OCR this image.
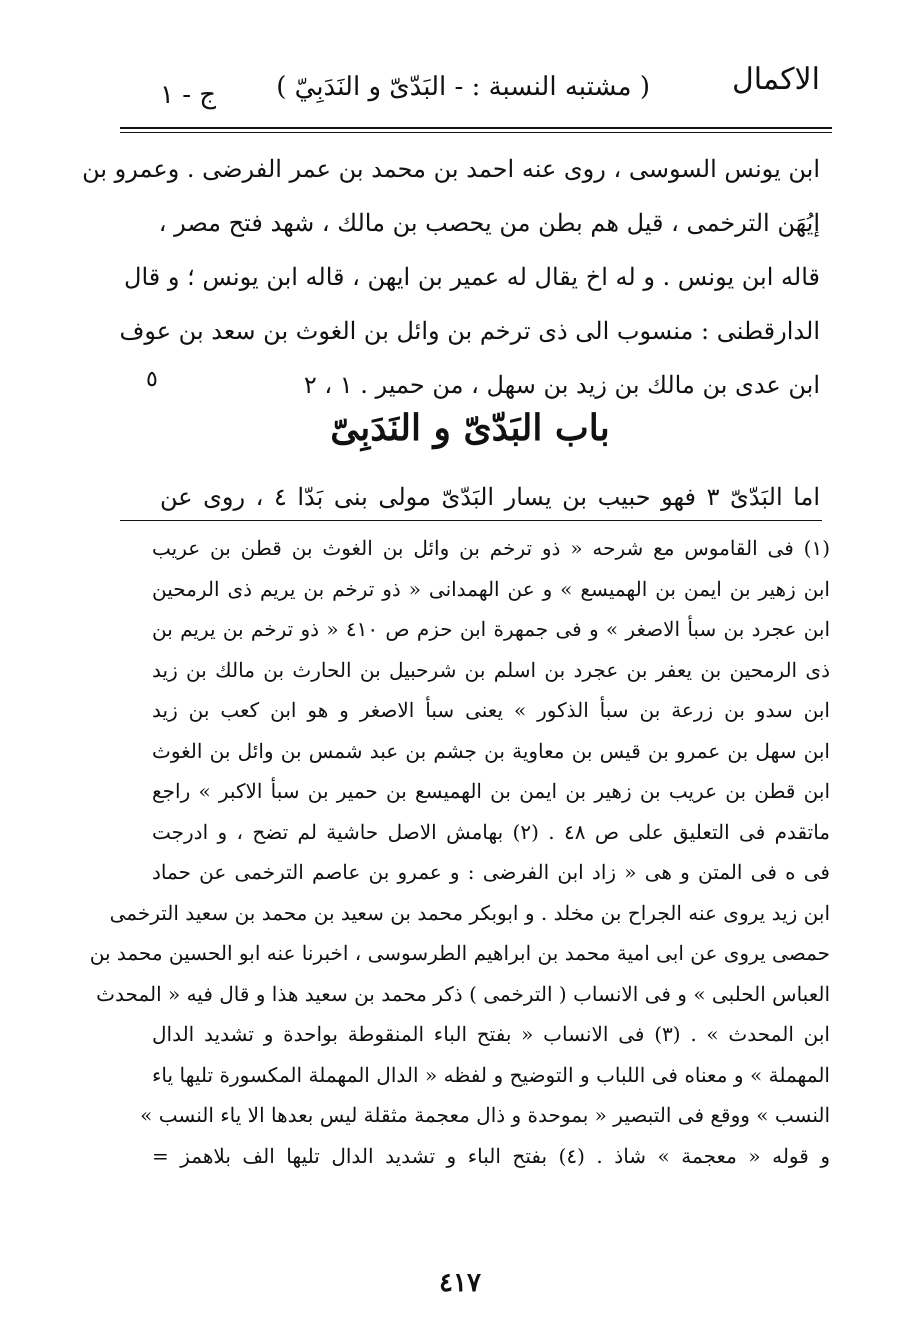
الاكمال
( مشتبه النسبة : - البَدّىّ و النَدَبِيّ )
ج - ١
ابن يونس السوسى ، روى عنه احمد بن محمد بن عمر الفرضى . وعمرو بن
إيُهَن الترخمى ، قيل هم بطن من يحصب بن مالك ، شهد فتح مصر ،
قاله ابن يونس . و له اخ يقال له عمير بن ايهن ، قاله ابن يونس ؛ و قال
الدارقطنى : منسوب الى ذى ترخم بن وائل بن الغوث بن سعد بن عوف
ابن عدى بن مالك بن زيد بن سهل ، من حمير . ١ ، ٢
٥
باب البَدّىّ و النَدَبِىّ
اما البَدّىّ ٣ فهو حبيب بن يسار البَدّىّ مولى بنى بَدّا ٤ ، روى عن
(١) فى القاموس مع شرحه « ذو ترخم بن وائل بن الغوث بن قطن بن عريب
ابن زهير بن ايمن بن الهميسع » و عن الهمدانى « ذو ترخم بن يريم ذى الرمحين
ابن عجرد بن سبأ الاصغر » و فى جمهرة ابن حزم ص ٤١٠ « ذو ترخم بن يريم بن
ذى الرمحين بن يعفر بن عجرد بن اسلم بن شرحبيل بن الحارث بن مالك بن زيد
ابن سدو بن زرعة بن سبأ الذكور » يعنى سبأ الاصغر و هو ابن كعب بن زيد
ابن سهل بن عمرو بن قيس بن معاوية بن جشم بن عبد شمس بن وائل بن الغوث
ابن قطن بن عريب بن زهير بن ايمن بن الهميسع بن حمير بن سبأ الاكبر » راجع
ماتقدم فى التعليق على ص ٤٨ . (٢) بهامش الاصل حاشية لم تضح ، و ادرجت
فى ه فى المتن و هى « زاد ابن الفرضى : و عمرو بن عاصم الترخمى عن حماد
ابن زيد يروى عنه الجراح بن مخلد . و ابوبكر محمد بن سعيد بن محمد بن سعيد الترخمى
حمصى يروى عن ابى امية محمد بن ابراهيم الطرسوسى ، اخبرنا عنه ابو الحسين محمد بن
العباس الحلبى » و فى الانساب ( الترخمى ) ذكر محمد بن سعيد هذا و قال فيه « المحدث
ابن المحدث » . (٣) فى الانساب « بفتح الباء المنقوطة بواحدة و تشديد الدال
المهملة » و معناه فى اللباب و التوضيح و لفظه « الدال المهملة المكسورة تليها ياء
النسب » ووقع فى التبصير « بموحدة و ذال معجمة مثقلة ليس بعدها الا ياء النسب »
و قوله « معجمة » شاذ . (٤) بفتح الباء و تشديد الدال تليها الف بلاهمز =
٤١٧
